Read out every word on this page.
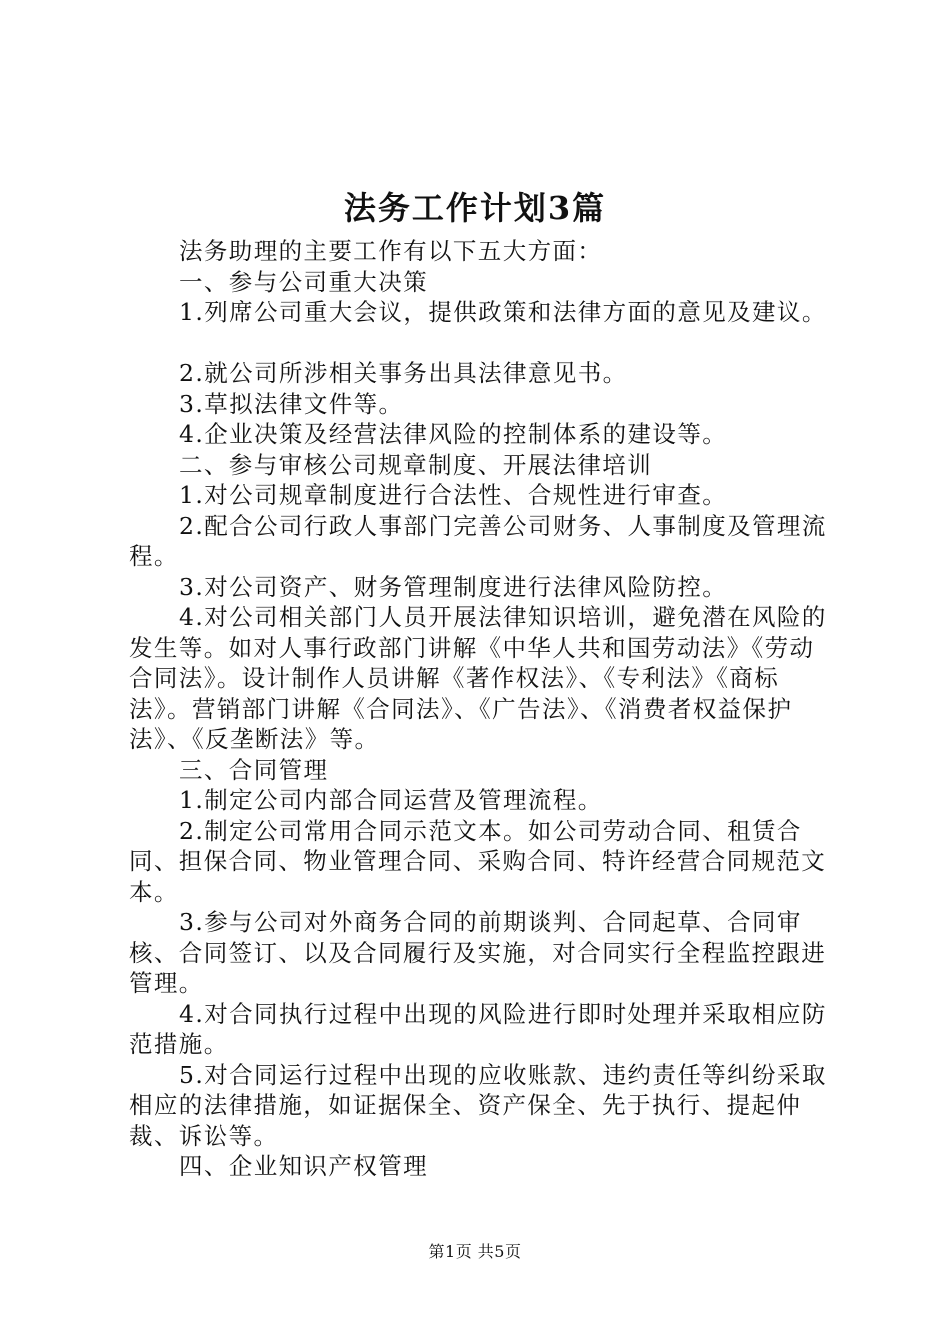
法务工作计划3篇

法务助理的主要工作有以下五大方面：

一、参与公司重大决策

1.列席公司重大会议，提供政策和法律方面的意见及建议。

2.就公司所涉相关事务出具法律意见书。

3.草拟法律文件等。

4.企业决策及经营法律风险的控制体系的建设等。

二、参与审核公司规章制度、开展法律培训

1.对公司规章制度进行合法性、合规性进行审查。

2.配合公司行政人事部门完善公司财务、人事制度及管理流程。

3.对公司资产、财务管理制度进行法律风险防控。

4.对公司相关部门人员开展法律知识培训，避免潜在风险的发生等。如对人事行政部门讲解《中华人共和国劳动法》《劳动合同法》。设计制作人员讲解《著作权法》、《专利法》《商标法》。营销部门讲解《合同法》、《广告法》、《消费者权益保护法》、《反垄断法》等。

三、合同管理

1.制定公司内部合同运营及管理流程。

2.制定公司常用合同示范文本。如公司劳动合同、租赁合同、担保合同、物业管理合同、采购合同、特许经营合同规范文本。

3.参与公司对外商务合同的前期谈判、合同起草、合同审核、合同签订、以及合同履行及实施，对合同实行全程监控跟进管理。

4.对合同执行过程中出现的风险进行即时处理并采取相应防范措施。

5.对合同运行过程中出现的应收账款、违约责任等纠纷采取相应的法律措施，如证据保全、资产保全、先于执行、提起仲裁、诉讼等。

四、企业知识产权管理

第1页 共5页
